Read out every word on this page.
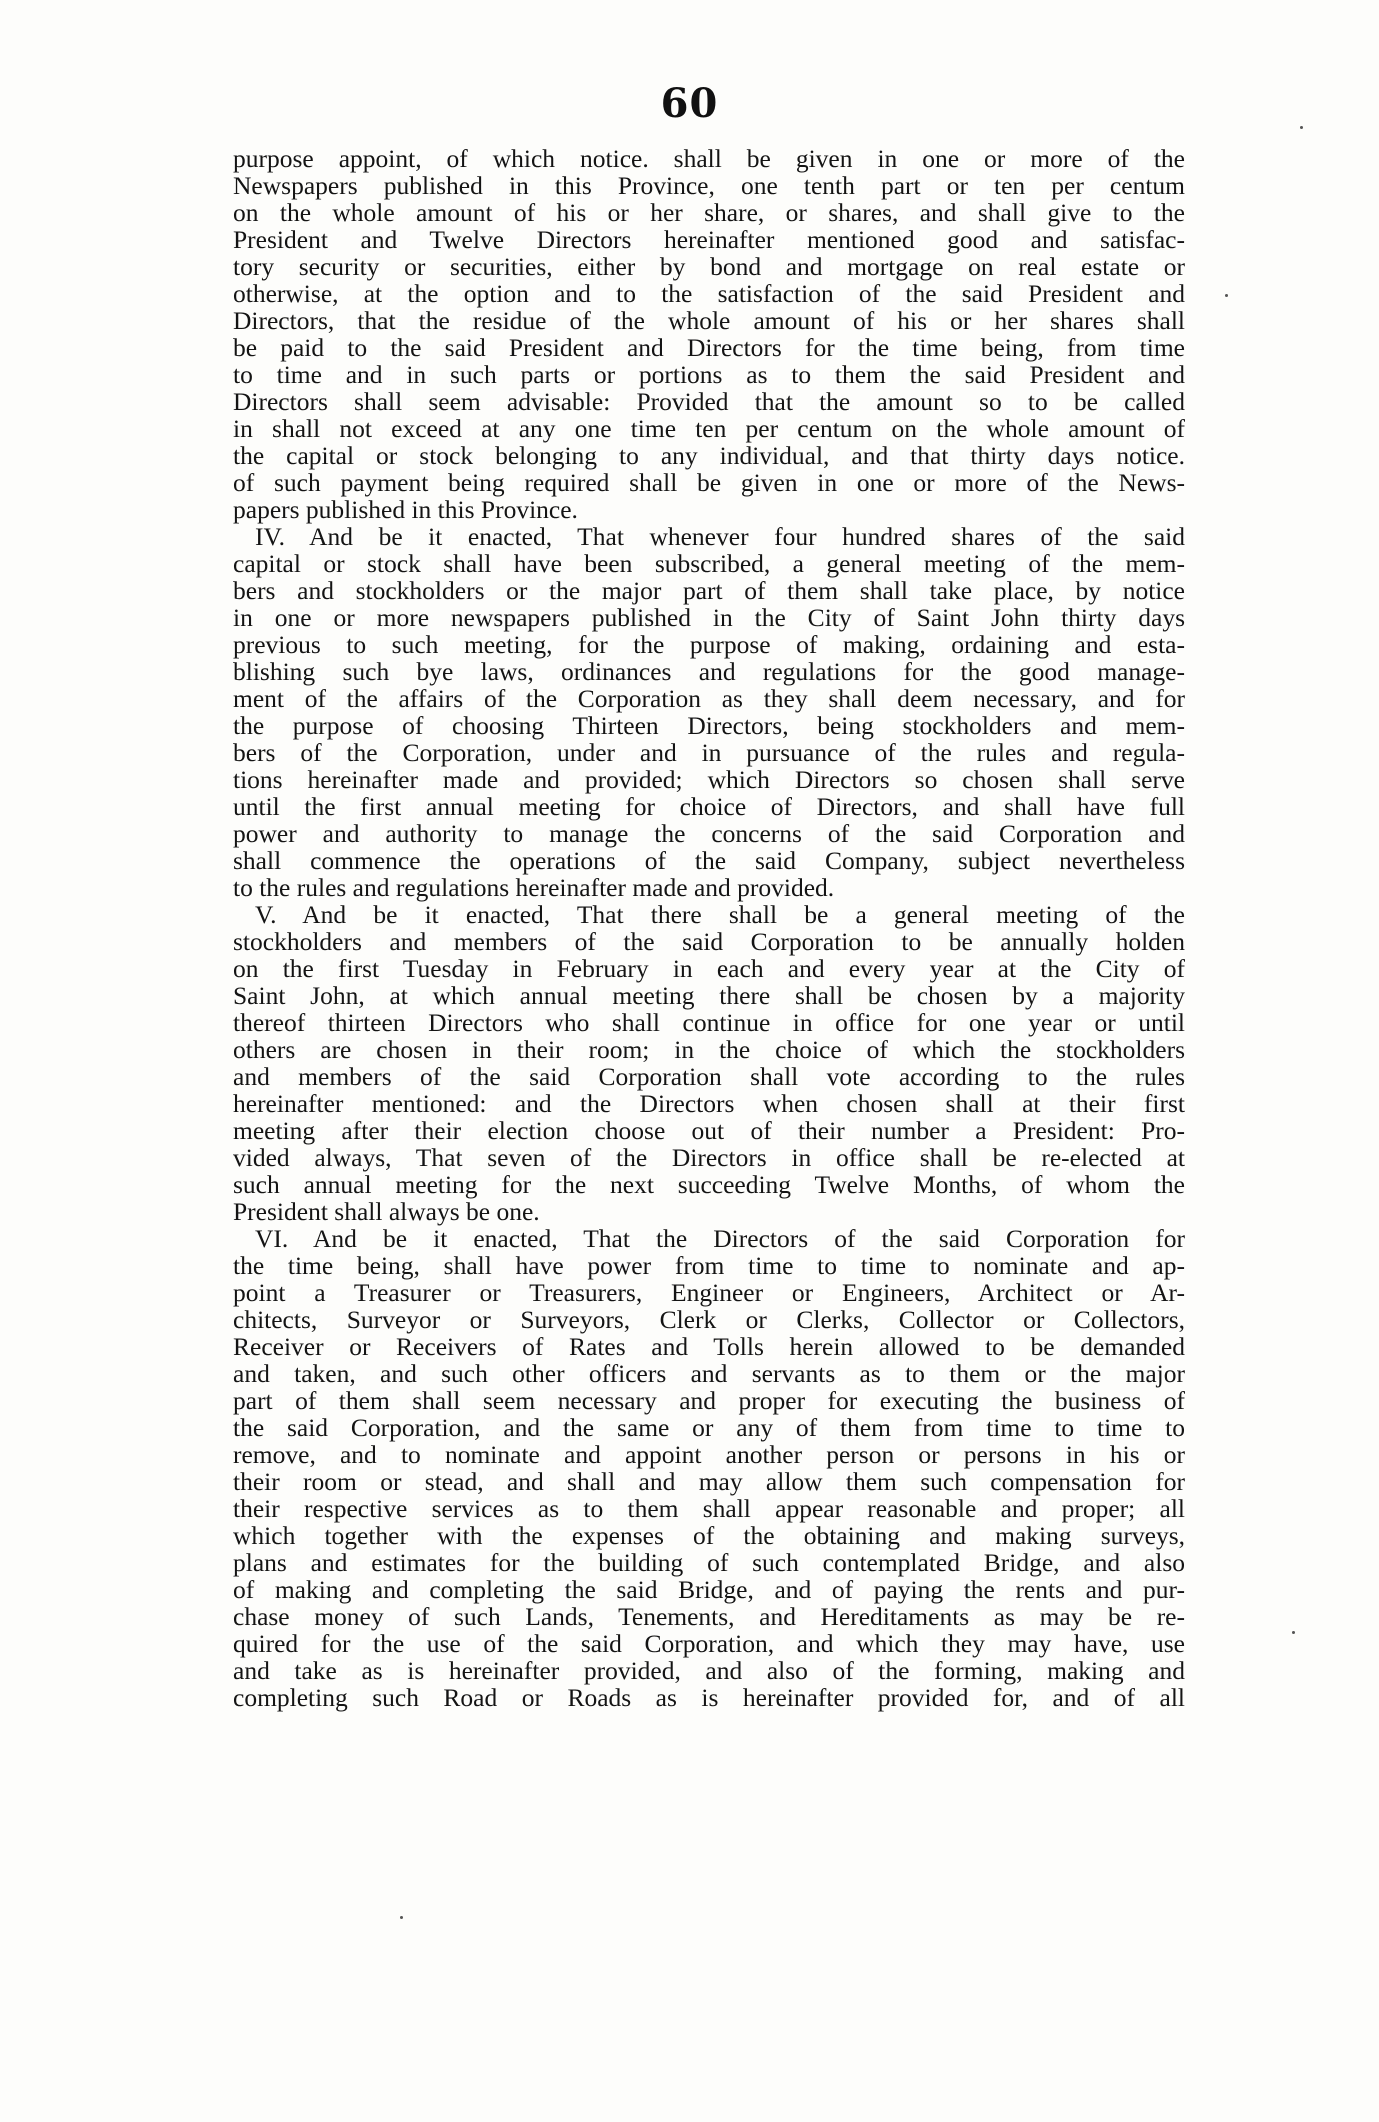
60
purpose appoint, of which notice. shall be given in one or more of the
Newspapers published in this Province, one tenth part or ten per centum
on the whole amount of his or her share, or shares, and shall give to the
President and Twelve Directors hereinafter mentioned good and satisfac-
tory security or securities, either by bond and mortgage on real estate or
otherwise, at the option and to the satisfaction of the said President and
Directors, that the residue of the whole amount of his or her shares shall
be paid to the said President and Directors for the time being, from time
to time and in such parts or portions as to them the said President and
Directors shall seem advisable: Provided that the amount so to be called
in shall not exceed at any one time ten per centum on the whole amount of
the capital or stock belonging to any individual, and that thirty days notice.
of such payment being required shall be given in one or more of the News-
papers published in this Province.
IV. And be it enacted, That whenever four hundred shares of the said
capital or stock shall have been subscribed, a general meeting of the mem-
bers and stockholders or the major part of them shall take place, by notice
in one or more newspapers published in the City of Saint John thirty days
previous to such meeting, for the purpose of making, ordaining and esta-
blishing such bye laws, ordinances and regulations for the good manage-
ment of the affairs of the Corporation as they shall deem necessary, and for
the purpose of choosing Thirteen Directors, being stockholders and mem-
bers of the Corporation, under and in pursuance of the rules and regula-
tions hereinafter made and provided; which Directors so chosen shall serve
until the first annual meeting for choice of Directors, and shall have full
power and authority to manage the concerns of the said Corporation and
shall commence the operations of the said Company, subject nevertheless
to the rules and regulations hereinafter made and provided.
V. And be it enacted, That there shall be a general meeting of the
stockholders and members of the said Corporation to be annually holden
on the first Tuesday in February in each and every year at the City of
Saint John, at which annual meeting there shall be chosen by a majority
thereof thirteen Directors who shall continue in office for one year or until
others are chosen in their room; in the choice of which the stockholders
and members of the said Corporation shall vote according to the rules
hereinafter mentioned: and the Directors when chosen shall at their first
meeting after their election choose out of their number a President: Pro-
vided always, That seven of the Directors in office shall be re-elected at
such annual meeting for the next succeeding Twelve Months, of whom the
President shall always be one.
VI. And be it enacted, That the Directors of the said Corporation for
the time being, shall have power from time to time to nominate and ap-
point a Treasurer or Treasurers, Engineer or Engineers, Architect or Ar-
chitects, Surveyor or Surveyors, Clerk or Clerks, Collector or Collectors,
Receiver or Receivers of Rates and Tolls herein allowed to be demanded
and taken, and such other officers and servants as to them or the major
part of them shall seem necessary and proper for executing the business of
the said Corporation, and the same or any of them from time to time to
remove, and to nominate and appoint another person or persons in his or
their room or stead, and shall and may allow them such compensation for
their respective services as to them shall appear reasonable and proper; all
which together with the expenses of the obtaining and making surveys,
plans and estimates for the building of such contemplated Bridge, and also
of making and completing the said Bridge, and of paying the rents and pur-
chase money of such Lands, Tenements, and Hereditaments as may be re-
quired for the use of the said Corporation, and which they may have, use
and take as is hereinafter provided, and also of the forming, making and
completing such Road or Roads as is hereinafter provided for, and of all
